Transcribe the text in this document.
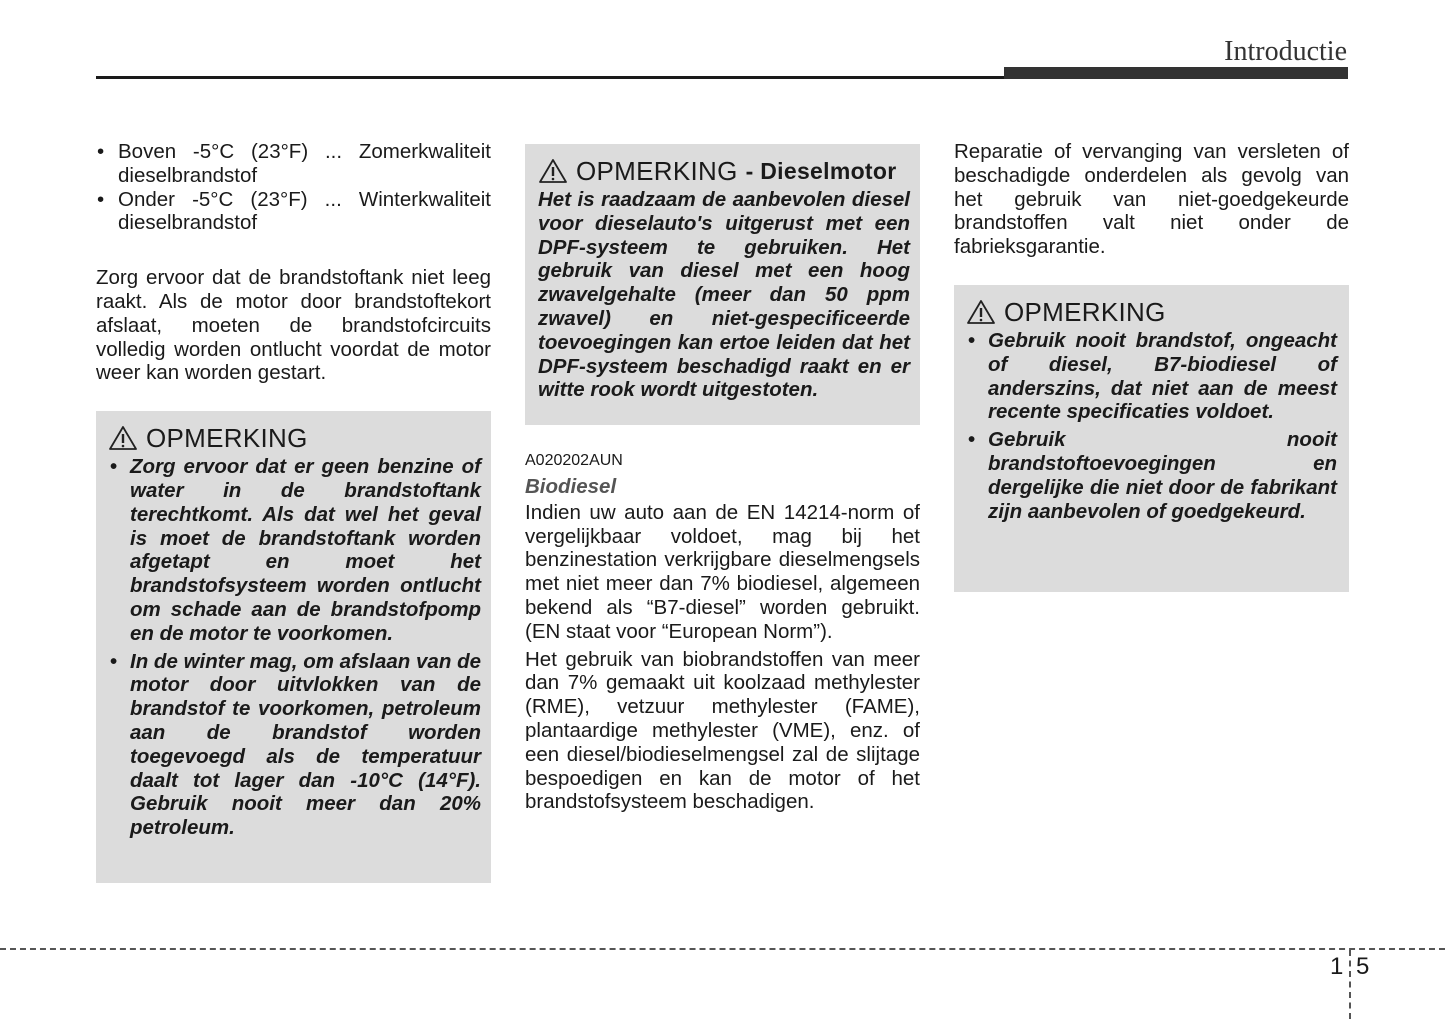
Introductie
• Boven -5°C (23°F) ... Zomerkwaliteit dieselbrandstof
• Onder -5°C (23°F) ... Winterkwaliteit dieselbrandstof

Zorg ervoor dat de brandstoftank niet leeg raakt. Als de motor door brandstoftekort afslaat, moeten de brandstofcircuits volledig worden ontlucht voordat de motor weer kan worden gestart.

OPMERKING
• Zorg ervoor dat er geen benzine of water in de brandstoftank terechtkomt. Als dat wel het geval is moet de brandstoftank worden afgetapt en moet het brandstofsysteem worden ontlucht om schade aan de brandstofpomp en de motor te voorkomen.
• In de winter mag, om afslaan van de motor door uitvlokken van de brandstof te voorkomen, petroleum aan de brandstof worden toegevoegd als de temperatuur daalt tot lager dan -10°C (14°F). Gebruik nooit meer dan 20% petroleum.
OPMERKING - Dieselmotor

Het is raadzaam de aanbevolen diesel voor dieselauto's uitgerust met een DPF-systeem te gebruiken. Het gebruik van diesel met een hoog zwavelgehalte (meer dan 50 ppm zwavel) en niet-gespecificeerde toevoegingen kan ertoe leiden dat het DPF-systeem beschadigd raakt en er witte rook wordt uitgestoten.

A020202AUN

Biodiesel

Indien uw auto aan de EN 14214-norm of vergelijkbaar voldoet, mag bij het benzinestation verkrijgbare dieselmengsels met niet meer dan 7% biodiesel, algemeen bekend als “B7-diesel” worden gebruikt. (EN staat voor “European Norm”).

Het gebruik van biobrandstoffen van meer dan 7% gemaakt uit koolzaad methylester (RME), vetzuur methylester (FAME), plantaardige methylester (VME), enz. of een diesel/biodieselmengsel zal de slijtage bespoedigen en kan de motor of het brandstofsysteem beschadigen.

Reparatie of vervanging van versleten of beschadigde onderdelen als gevolg van het gebruik van niet-goedgekeurde brandstoffen valt niet onder de fabrieksgarantie.

OPMERKING
• Gebruik nooit brandstof, ongeacht of diesel, B7-biodiesel of anderszins, dat niet aan de meest recente specificaties voldoet.
• Gebruik nooit brandstoftoevoegingen en dergelijke die niet door de fabrikant zijn aanbevolen of goedgekeurd.
1 5
